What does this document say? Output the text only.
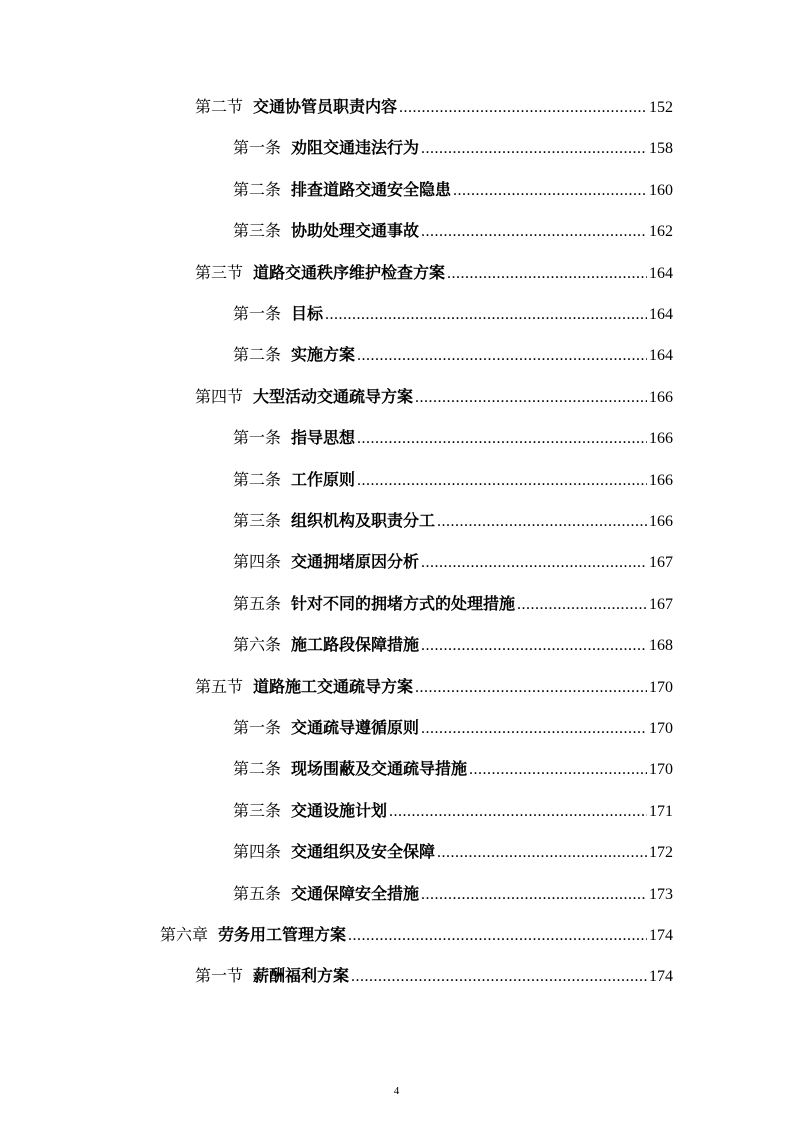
第二节 交通协管员职责内容 .....	152
第一条 劝阻交通违法行为 .....	158
第二条 排查道路交通安全隐患 .....	160
第三条 协助处理交通事故 .....	162
第三节 道路交通秩序维护检查方案 .....	164
第一条 目标 .....	164
第二条 实施方案 .....	164
第四节 大型活动交通疏导方案 .....	166
第一条 指导思想 .....	166
第二条 工作原则 .....	166
第三条 组织机构及职责分工 .....	166
第四条 交通拥堵原因分析 .....	167
第五条 针对不同的拥堵方式的处理措施 .....	167
第六条 施工路段保障措施 .....	168
第五节 道路施工交通疏导方案 .....	170
第一条 交通疏导遵循原则 .....	170
第二条 现场围蔽及交通疏导措施 .....	170
第三条 交通设施计划 .....	171
第四条 交通组织及安全保障 .....	172
第五条 交通保障安全措施 .....	173
第六章 劳务用工管理方案 .....	174
第一节 薪酬福利方案 .....	174
4
